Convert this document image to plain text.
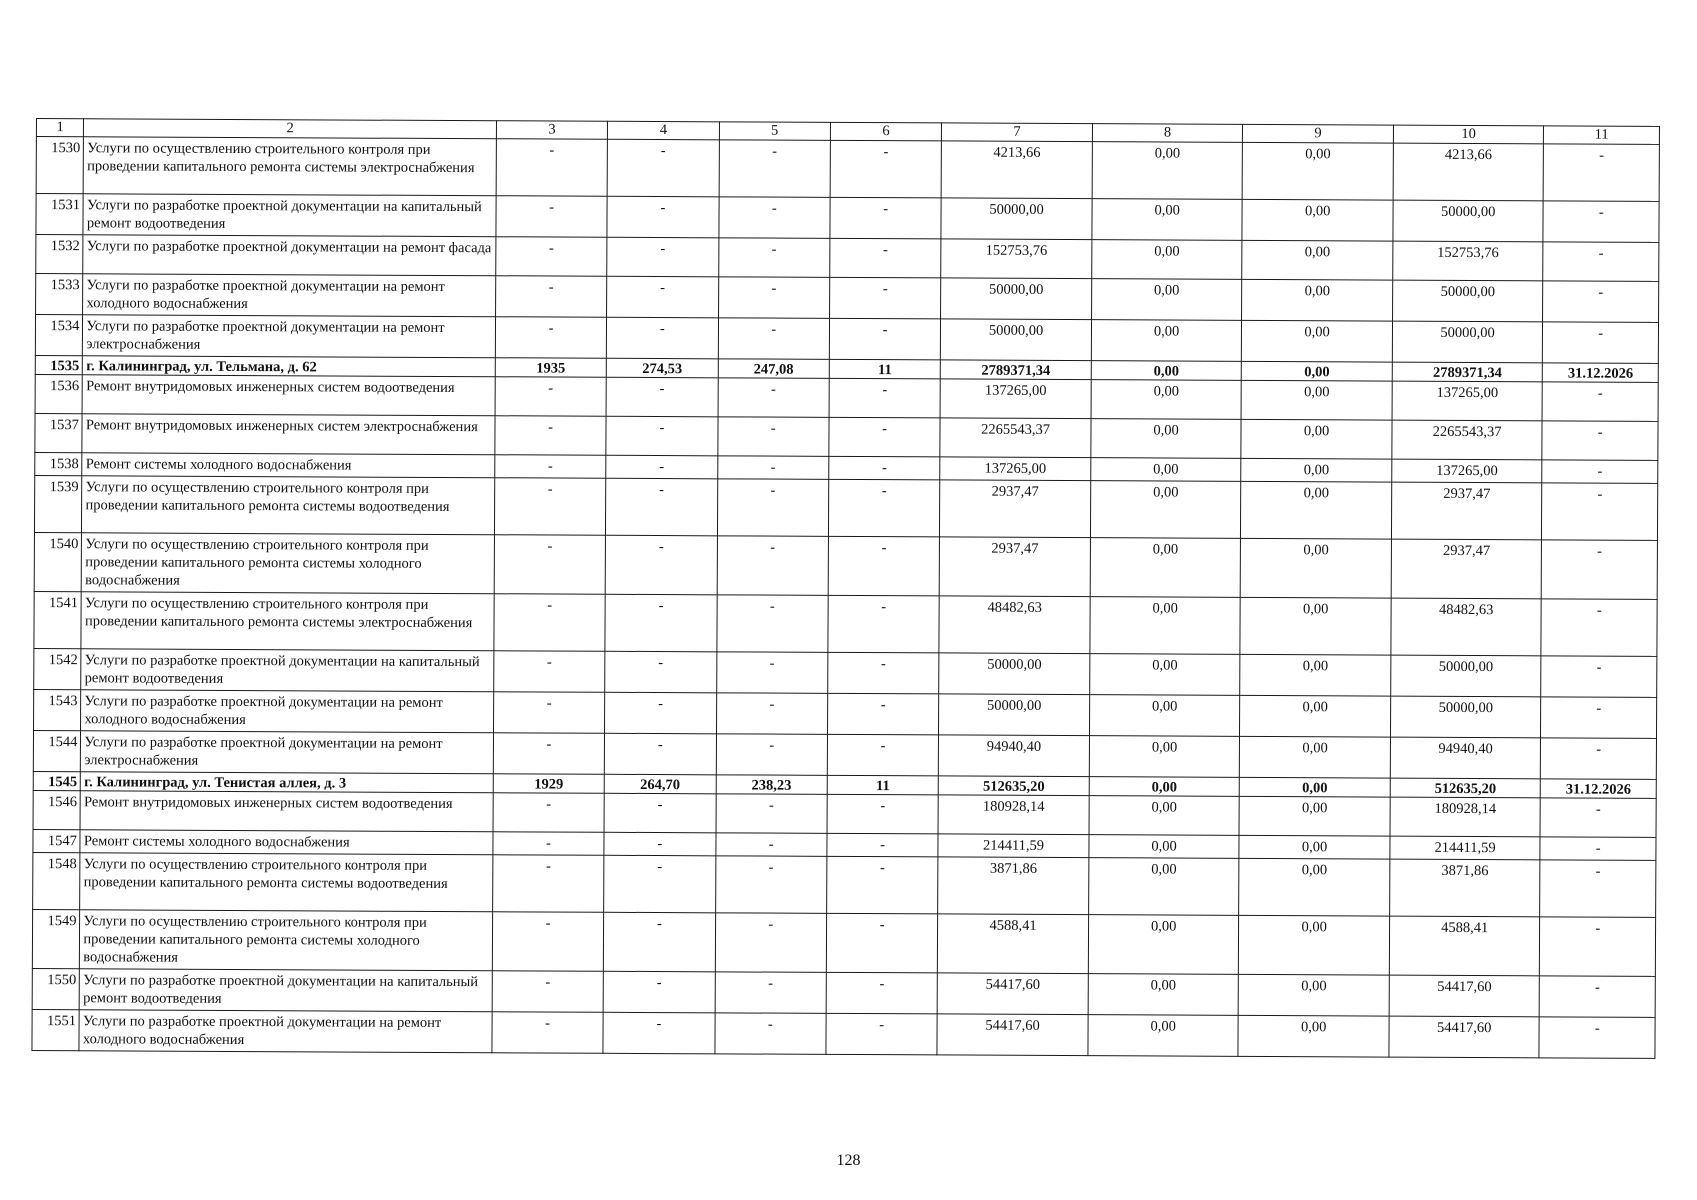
1	2	3	4	5	6	7	8	9	10	11
1530	Услуги по осуществлению строительного контроля при проведении капитального ремонта системы электроснабжения	-	-	-	-	4213,66	0,00	0,00	4213,66	-
1531	Услуги по разработке проектной документации на капитальный ремонт водоотведения	-	-	-	-	50000,00	0,00	0,00	50000,00	-
1532	Услуги по разработке проектной документации на ремонт фасада	-	-	-	-	152753,76	0,00	0,00	152753,76	-
1533	Услуги по разработке проектной документации на ремонт холодного водоснабжения	-	-	-	-	50000,00	0,00	0,00	50000,00	-
1534	Услуги по разработке проектной документации на ремонт электроснабжения	-	-	-	-	50000,00	0,00	0,00	50000,00	-
1535	г. Калининград, ул. Тельмана, д. 62	1935	274,53	247,08	11	2789371,34	0,00	0,00	2789371,34	31.12.2026
1536	Ремонт внутридомовых инженерных систем водоотведения	-	-	-	-	137265,00	0,00	0,00	137265,00	-
1537	Ремонт внутридомовых инженерных систем электроснабжения	-	-	-	-	2265543,37	0,00	0,00	2265543,37	-
1538	Ремонт системы холодного водоснабжения	-	-	-	-	137265,00	0,00	0,00	137265,00	-
1539	Услуги по осуществлению строительного контроля при проведении капитального ремонта системы водоотведения	-	-	-	-	2937,47	0,00	0,00	2937,47	-
1540	Услуги по осуществлению строительного контроля при проведении капитального ремонта системы холодного водоснабжения	-	-	-	-	2937,47	0,00	0,00	2937,47	-
1541	Услуги по осуществлению строительного контроля при проведении капитального ремонта системы электроснабжения	-	-	-	-	48482,63	0,00	0,00	48482,63	-
1542	Услуги по разработке проектной документации на капитальный ремонт водоотведения	-	-	-	-	50000,00	0,00	0,00	50000,00	-
1543	Услуги по разработке проектной документации на ремонт холодного водоснабжения	-	-	-	-	50000,00	0,00	0,00	50000,00	-
1544	Услуги по разработке проектной документации на ремонт электроснабжения	-	-	-	-	94940,40	0,00	0,00	94940,40	-
1545	г. Калининград, ул. Тенистая аллея, д. 3	1929	264,70	238,23	11	512635,20	0,00	0,00	512635,20	31.12.2026
1546	Ремонт внутридомовых инженерных систем водоотведения	-	-	-	-	180928,14	0,00	0,00	180928,14	-
1547	Ремонт системы холодного водоснабжения	-	-	-	-	214411,59	0,00	0,00	214411,59	-
1548	Услуги по осуществлению строительного контроля при проведении капитального ремонта системы водоотведения	-	-	-	-	3871,86	0,00	0,00	3871,86	-
1549	Услуги по осуществлению строительного контроля при проведении капитального ремонта системы холодного водоснабжения	-	-	-	-	4588,41	0,00	0,00	4588,41	-
1550	Услуги по разработке проектной документации на капитальный ремонт водоотведения	-	-	-	-	54417,60	0,00	0,00	54417,60	-
1551	Услуги по разработке проектной документации на ремонт холодного водоснабжения	-	-	-	-	54417,60	0,00	0,00	54417,60	-
128
